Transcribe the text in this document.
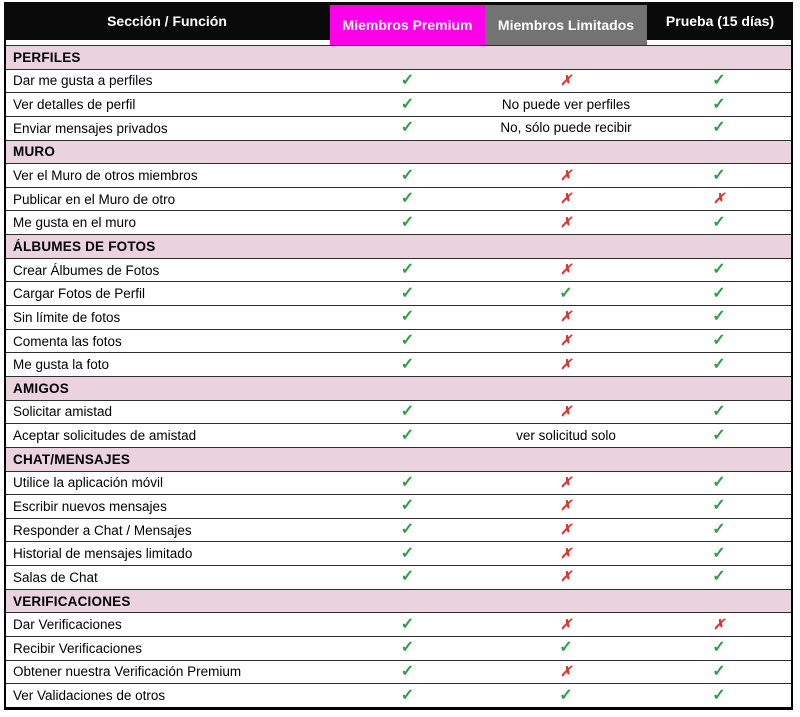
Sección / Función	Miembros Premium	Miembros Limitados	Prueba (15 días)
PERFILES
Dar me gusta a perfiles	✓	✗	✓
Ver detalles de perfil	✓	No puede ver perfiles	✓
Enviar mensajes privados	✓	No, sólo puede recibir	✓
MURO
Ver el Muro de otros miembros	✓	✗	✓
Publicar en el Muro de otro	✓	✗	✗
Me gusta en el muro	✓	✗	✓
ÁLBUMES DE FOTOS
Crear Álbumes de Fotos	✓	✗	✓
Cargar Fotos de Perfil	✓	✓	✓
Sin límite de fotos	✓	✗	✓
Comenta las fotos	✓	✗	✓
Me gusta la foto	✓	✗	✓
AMIGOS
Solicitar amistad	✓	✗	✓
Aceptar solicitudes de amistad	✓	ver solicitud solo	✓
CHAT/MENSAJES
Utilice la aplicación móvil	✓	✗	✓
Escribir nuevos mensajes	✓	✗	✓
Responder a Chat / Mensajes	✓	✗	✓
Historial de mensajes limitado	✓	✗	✓
Salas de Chat	✓	✗	✓
VERIFICACIONES
Dar Verificaciones	✓	✗	✗
Recibir Verificaciones	✓	✓	✓
Obtener nuestra Verificación Premium	✓	✗	✓
Ver Validaciones de otros	✓	✓	✓
